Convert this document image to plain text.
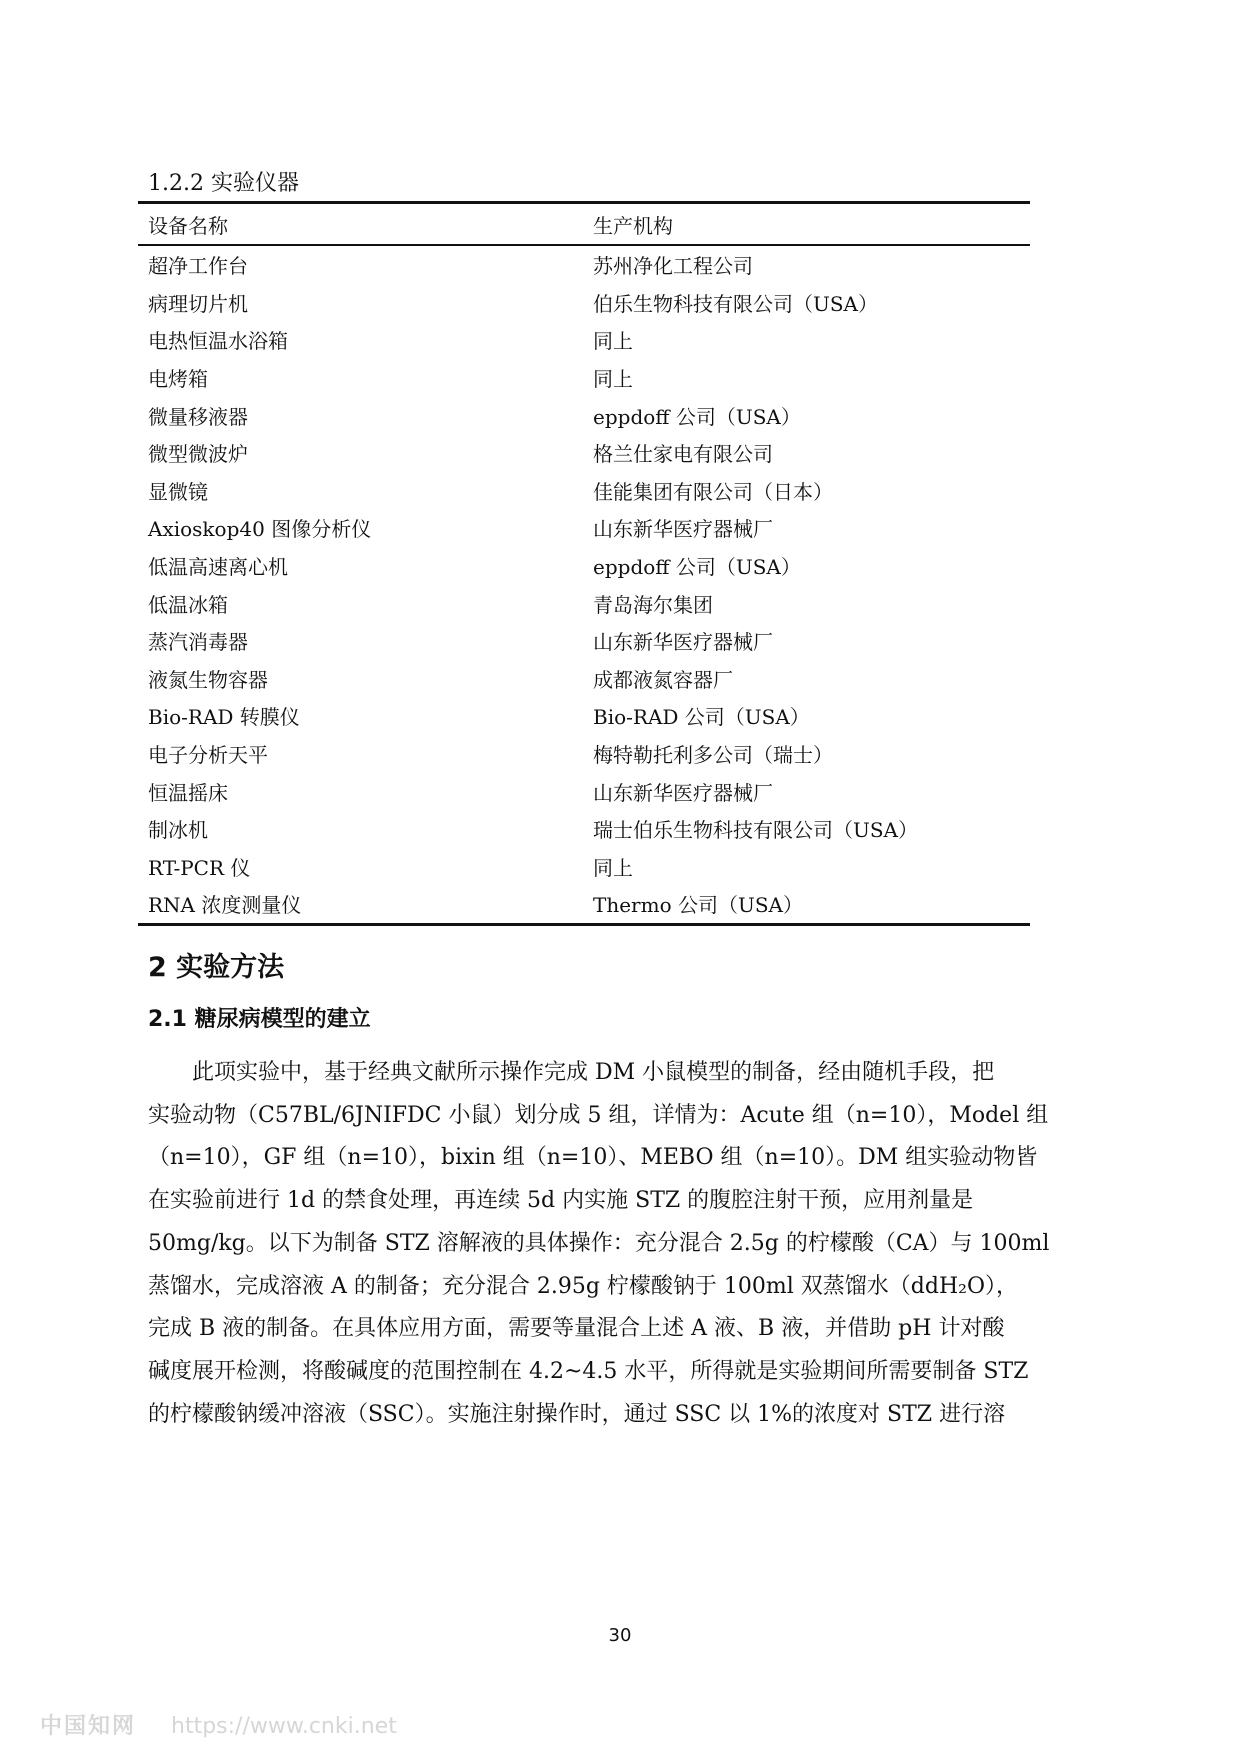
1.2.2 实验仪器
设备名称	生产机构
超净工作台	苏州净化工程公司
病理切片机	伯乐生物科技有限公司（USA）
电热恒温水浴箱	同上
电烤箱	同上
微量移液器	eppdoff 公司（USA）
微型微波炉	格兰仕家电有限公司
显微镜	佳能集团有限公司（日本）
Axioskop40 图像分析仪	山东新华医疗器械厂
低温高速离心机	eppdoff 公司（USA）
低温冰箱	青岛海尔集团
蒸汽消毒器	山东新华医疗器械厂
液氮生物容器	成都液氮容器厂
Bio-RAD 转膜仪	Bio-RAD 公司（USA）
电子分析天平	梅特勒托利多公司（瑞士）
恒温摇床	山东新华医疗器械厂
制冰机	瑞士伯乐生物科技有限公司（USA）
RT-PCR 仪	同上
RNA 浓度测量仪	Thermo 公司（USA）
2 实验方法
2.1 糖尿病模型的建立
此项实验中，基于经典文献所示操作完成 DM 小鼠模型的制备，经由随机手段，把
实验动物（C57BL/6JNIFDC 小鼠）划分成 5 组，详情为：Acute 组（n=10），Model 组
（n=10），GF 组（n=10），bixin 组（n=10）、MEBO 组（n=10）。DM 组实验动物皆
在实验前进行 1d 的禁食处理，再连续 5d 内实施 STZ 的腹腔注射干预，应用剂量是
50mg/kg。以下为制备 STZ 溶解液的具体操作：充分混合 2.5g 的柠檬酸（CA）与 100ml
蒸馏水，完成溶液 A 的制备；充分混合 2.95g 柠檬酸钠于 100ml 双蒸馏水（ddH₂O），
完成 B 液的制备。在具体应用方面，需要等量混合上述 A 液、B 液，并借助 pH 计对酸
碱度展开检测，将酸碱度的范围控制在 4.2~4.5 水平，所得就是实验期间所需要制备 STZ
的柠檬酸钠缓冲溶液（SSC）。实施注射操作时，通过 SSC 以 1%的浓度对 STZ 进行溶
30
中国知网 https://www.cnki.net
